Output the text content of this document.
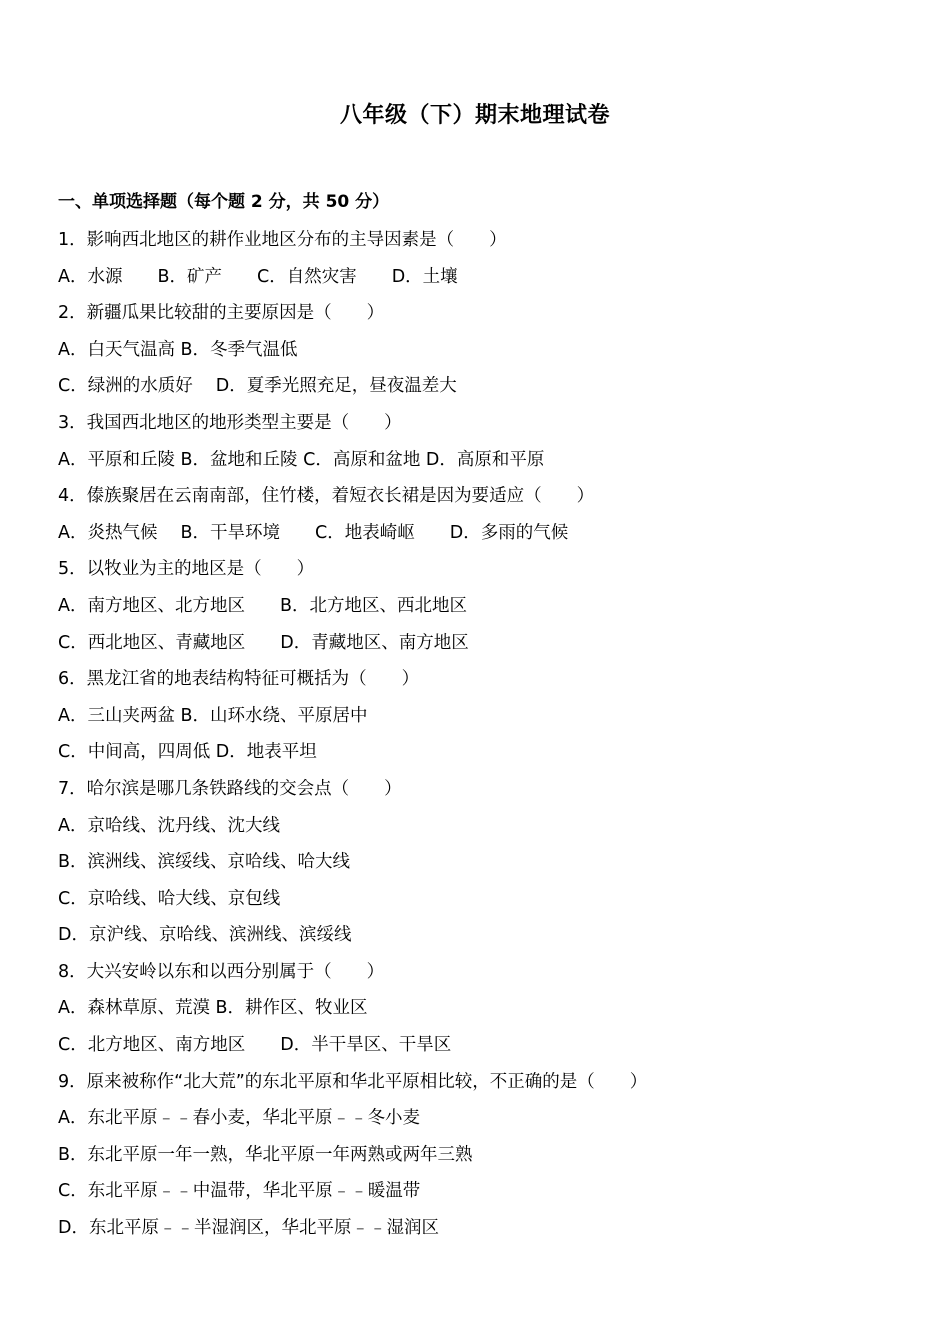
八年级（下）期末地理试卷
一、单项选择题（每个题 2 分，共 50 分）
1．影响西北地区的耕作业地区分布的主导因素是（　　）
A．水源　　B．矿产　　C．自然灾害　　D．土壤
2．新疆瓜果比较甜的主要原因是（　　）
A．白天气温高 B．冬季气温低
C．绿洲的水质好　 D．夏季光照充足，昼夜温差大
3．我国西北地区的地形类型主要是（　　）
A．平原和丘陵 B．盆地和丘陵 C．高原和盆地 D．高原和平原
4．傣族聚居在云南南部，住竹楼，着短衣长裙是因为要适应（　　）
A．炎热气候　 B．干旱环境　　C．地表崎岖　　D．多雨的气候
5．以牧业为主的地区是（　　）
A．南方地区、北方地区　　B．北方地区、西北地区
C．西北地区、青藏地区　　D．青藏地区、南方地区
6．黑龙江省的地表结构特征可概括为（　　）
A．三山夹两盆 B．山环水绕、平原居中
C．中间高，四周低 D．地表平坦
7．哈尔滨是哪几条铁路线的交会点（　　）
A．京哈线、沈丹线、沈大线
B．滨洲线、滨绥线、京哈线、哈大线
C．京哈线、哈大线、京包线
D．京沪线、京哈线、滨洲线、滨绥线
8．大兴安岭以东和以西分别属于（　　）
A．森林草原、荒漠 B．耕作区、牧业区
C．北方地区、南方地区　　D．半干旱区、干旱区
9．原来被称作“北大荒”的东北平原和华北平原相比较，不正确的是（　　）
A．东北平原﹣﹣春小麦，华北平原﹣﹣冬小麦
B．东北平原一年一熟，华北平原一年两熟或两年三熟
C．东北平原﹣﹣中温带，华北平原﹣﹣暖温带
D．东北平原﹣﹣半湿润区，华北平原﹣﹣湿润区
